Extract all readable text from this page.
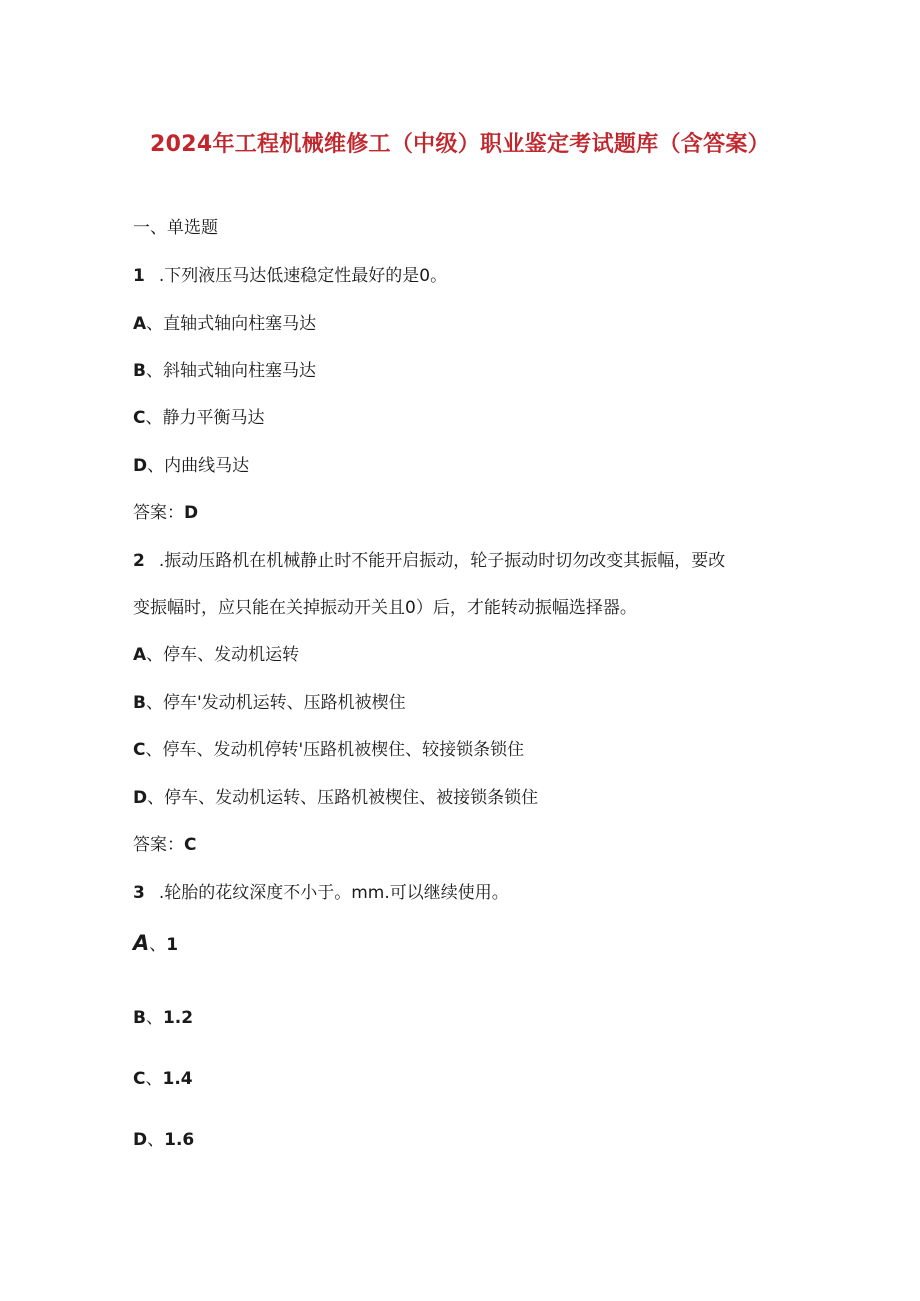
2024年工程机械维修工（中级）职业鉴定考试题库（含答案）
一、单选题
1 .下列液压马达低速稳定性最好的是0。
A、直轴式轴向柱塞马达
B、斜轴式轴向柱塞马达
C、静力平衡马达
D、内曲线马达
答案：D
2 .振动压路机在机械静止时不能开启振动，轮子振动时切勿改变其振幅，要改
变振幅时，应只能在关掉振动开关且0）后，才能转动振幅选择器。
A、停车、发动机运转
B、停车'发动机运转、压路机被楔住
C、停车、发动机停转'压路机被楔住、较接锁条锁住
D、停车、发动机运转、压路机被楔住、被接锁条锁住
答案：C
3 .轮胎的花纹深度不小于。mm.可以继续使用。
A、1
B、1.2
C、1.4
D、1.6
